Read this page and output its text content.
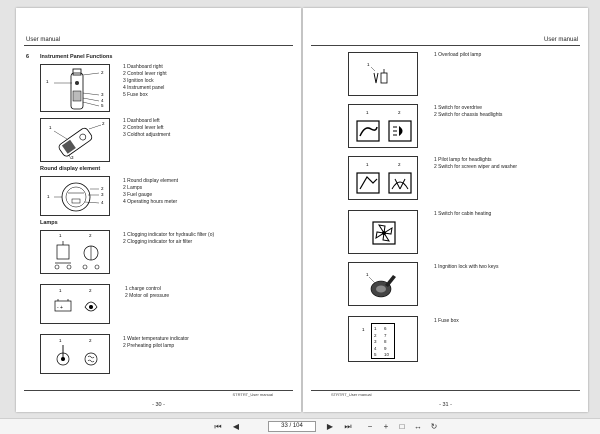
User manual
6 Instrument Panel Functions
1
2
3
4
5
1 Dashboard right
2 Control lever right
3 Ignition lock
4 Instrument panel
5 Fuse box
1
2
3
1 Dashboard left
2 Control lever left
3 Coldhot adjustment
Round display element
1
2
3
4
1 Round display element
2 Lamps
3 Fuel gauge
4 Operating hours meter
Lamps
1	2	1 Clogging indicator for hydraulic filter (o)
2 Clogging indicator for air filter
- +
1	2	1 charge control
2 Motor oil pressure
1	2	1 Water temperature indicator
2 Preheating pilot lamp
STRTRT_User manual
- 30 -
User manual
1
1 Overload pilot lamp
1	2
1 Switch for overdrive
2 Switch for chassis headlights
1	2
1 Pilot lamp for headlights
2 Switch for screen wiper and washer
1 Switch for cabin heating
1
1 Ingnition lock with two keys
1
2
3
4
5
6
7
8
9
10
1
1 Fuse box
STRTRT_User manual
- 31 -
⏮	◀	33 / 104	▶	⏭	−	+	□	↔	↻
